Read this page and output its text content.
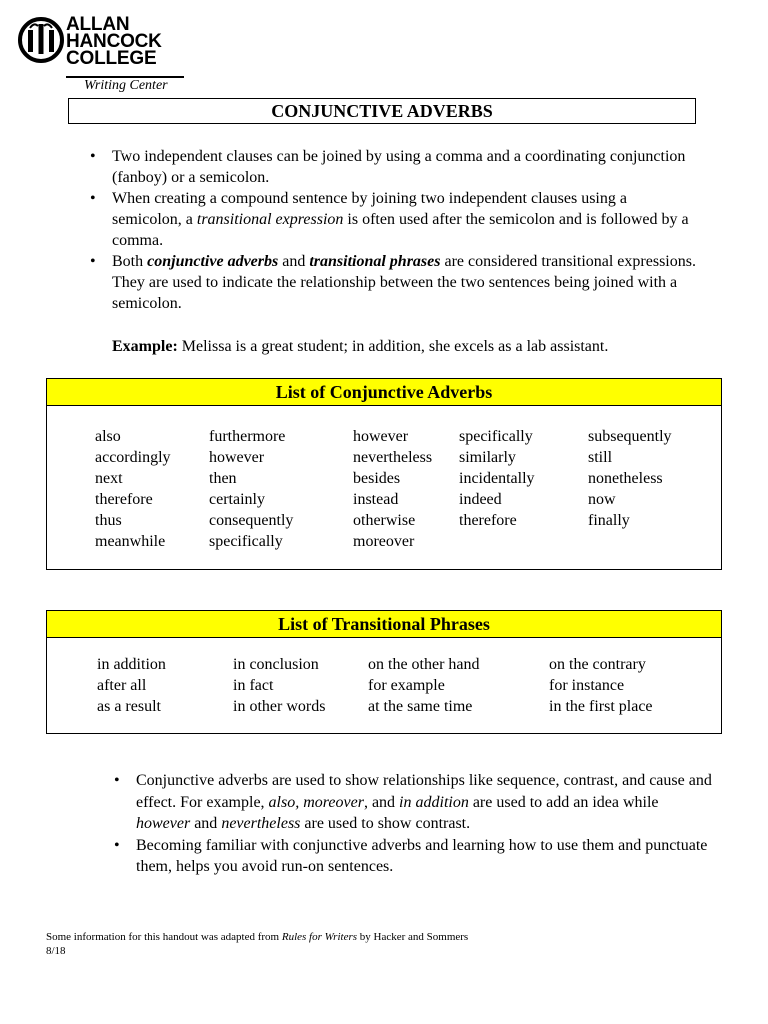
ALLAN
HANCOCK
COLLEGE
Writing Center
CONJUNCTIVE ADVERBS
• Two independent clauses can be joined by using a comma and a coordinating conjunction (fanboy) or a semicolon.
• When creating a compound sentence by joining two independent clauses using a semicolon, a transitional expression is often used after the semicolon and is followed by a comma.
• Both conjunctive adverbs and transitional phrases are considered transitional expressions. They are used to indicate the relationship between the two sentences being joined with a semicolon.
Example: Melissa is a great student; in addition, she excels as a lab assistant.
List of Conjunctive Adverbs
also
accordingly
next
therefore
thus
meanwhile
furthermore
however
then
certainly
consequently
specifically
however
nevertheless
besides
instead
otherwise
moreover
specifically
similarly
incidentally
indeed
therefore
subsequently
still
nonetheless
now
finally
List of Transitional Phrases
in addition
after all
as a result
in conclusion
in fact
in other words
on the other hand
for example
at the same time
on the contrary
for instance
in the first place
• Conjunctive adverbs are used to show relationships like sequence, contrast, and cause and effect. For example, also, moreover, and in addition are used to add an idea while however and nevertheless are used to show contrast.
• Becoming familiar with conjunctive adverbs and learning how to use them and punctuate them, helps you avoid run-on sentences.
Some information for this handout was adapted from Rules for Writers by Hacker and Sommers
8/18
